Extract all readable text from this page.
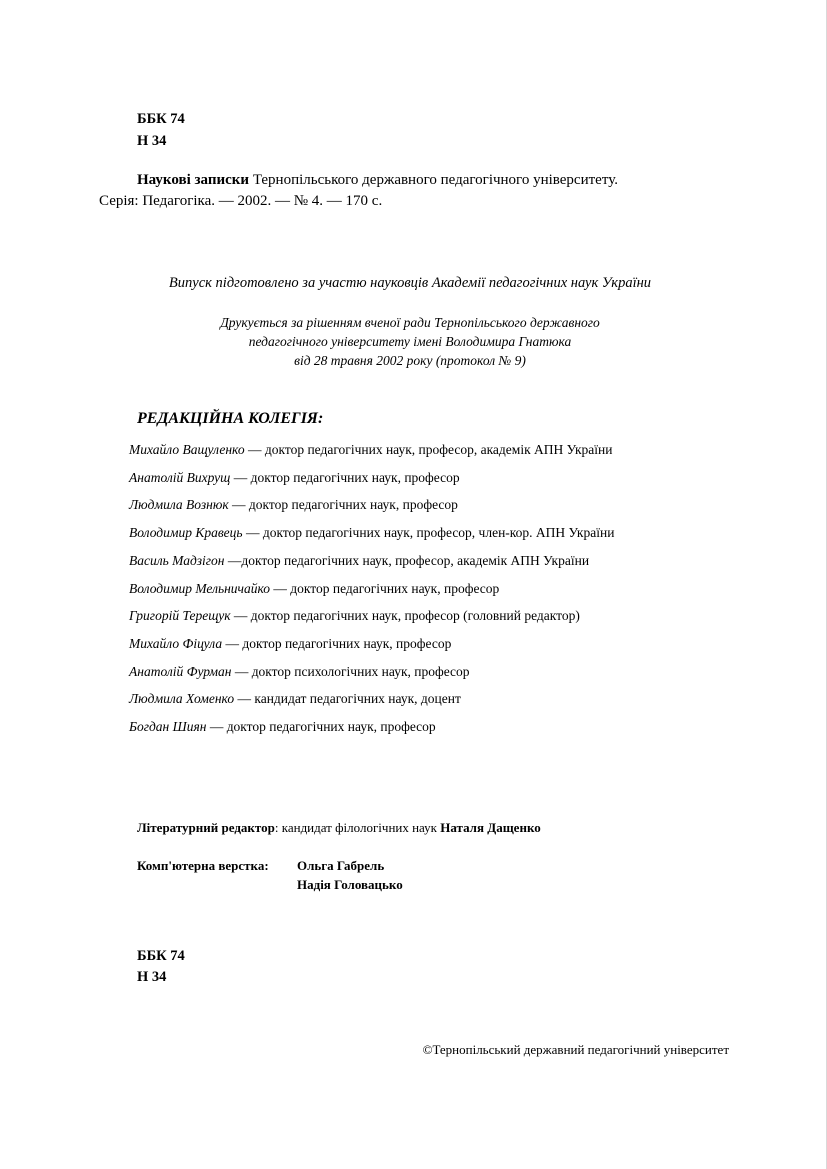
ББК 74
Н 34
Наукові записки Тернопільського державного педагогічного університету.
Серія: Педагогіка. — 2002. — № 4. — 170 с.
Випуск підготовлено за участю науковців Академії педагогічних наук України
Друкується за рішенням вченої ради Тернопільського державного
педагогічного університету імені Володимира Гнатюка
від 28 травня 2002 року (протокол № 9)
РЕДАКЦІЙНА КОЛЕГІЯ:
Михайло Ващуленко — доктор педагогічних наук, професор, академік АПН України
Анатолій Вихрущ — доктор педагогічних наук, професор
Людмила Вознюк — доктор педагогічних наук, професор
Володимир Кравець — доктор педагогічних наук, професор, член-кор. АПН України
Василь Мадзігон —доктор педагогічних наук, професор, академік АПН України
Володимир Мельничайко — доктор педагогічних наук, професор
Григорій Терещук — доктор педагогічних наук, професор (головний редактор)
Михайло Фіцула — доктор педагогічних наук, професор
Анатолій Фурман — доктор психологічних наук, професор
Людмила Хоменко — кандидат педагогічних наук, доцент
Богдан Шиян — доктор педагогічних наук, професор
Літературний редактор: кандидат філологічних наук Наталя Дащенко
Комп'ютерна верстка: Ольга Габрель
Надія Головацько
ББК 74
Н 34
©Тернопільський державний педагогічний університет
